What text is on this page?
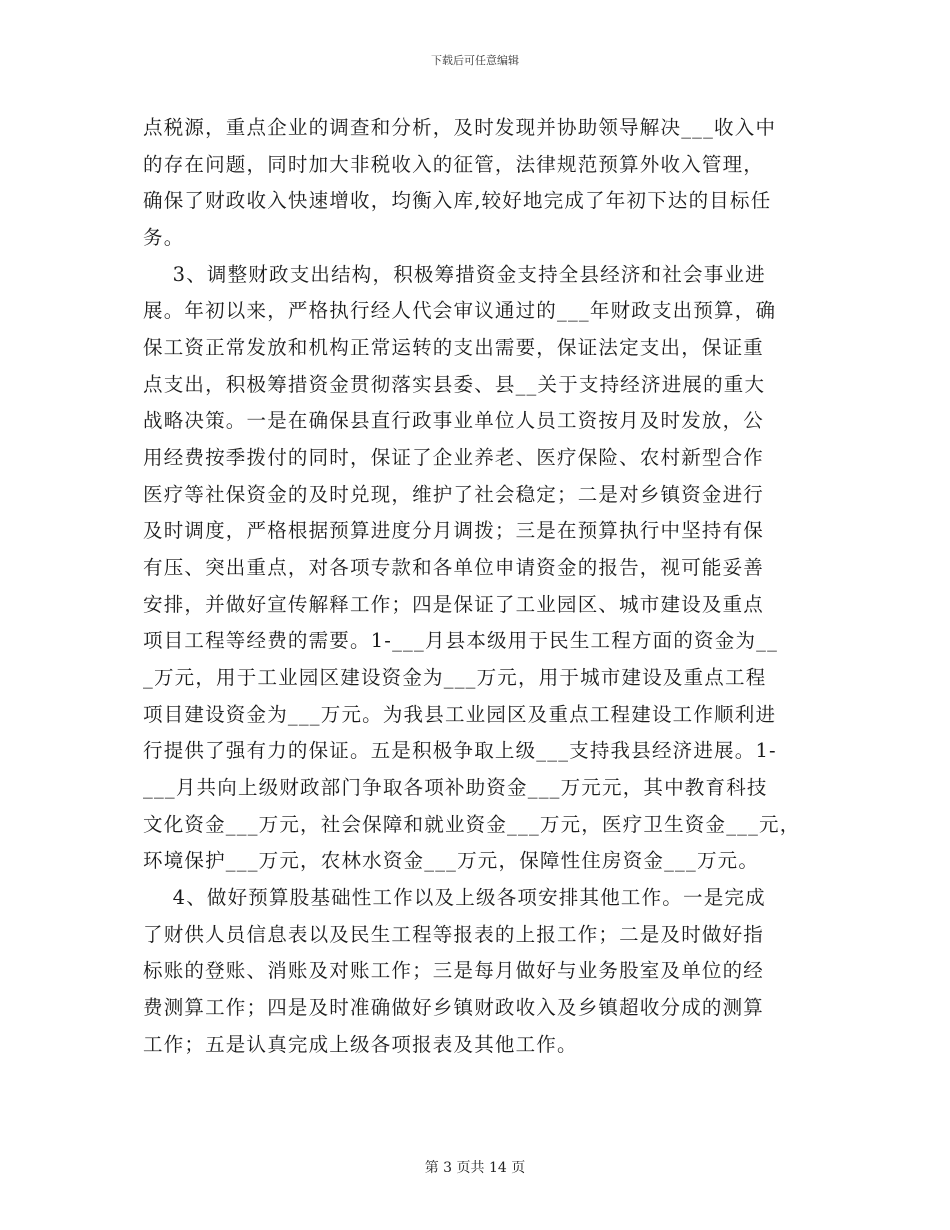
下载后可任意编辑
点税源，重点企业的调查和分析，及时发现并协助领导解决___收入中
的存在问题，同时加大非税收入的征管，法律规范预算外收入管理，
确保了财政收入快速增收，均衡入库,较好地完成了年初下达的目标任
务。
3、调整财政支出结构，积极筹措资金支持全县经济和社会事业进
展。年初以来，严格执行经人代会审议通过的___年财政支出预算，确
保工资正常发放和机构正常运转的支出需要，保证法定支出，保证重
点支出，积极筹措资金贯彻落实县委、县__关于支持经济进展的重大
战略决策。一是在确保县直行政事业单位人员工资按月及时发放，公
用经费按季拨付的同时，保证了企业养老、医疗保险、农村新型合作
医疗等社保资金的及时兑现，维护了社会稳定；二是对乡镇资金进行
及时调度，严格根据预算进度分月调拨；三是在预算执行中坚持有保
有压、突出重点，对各项专款和各单位申请资金的报告，视可能妥善
安排，并做好宣传解释工作；四是保证了工业园区、城市建设及重点
项目工程等经费的需要。1-___月县本级用于民生工程方面的资金为__
_万元，用于工业园区建设资金为___万元，用于城市建设及重点工程
项目建设资金为___万元。为我县工业园区及重点工程建设工作顺利进
行提供了强有力的保证。五是积极争取上级___支持我县经济进展。1-
___月共向上级财政部门争取各项补助资金___万元元，其中教育科技
文化资金___万元，社会保障和就业资金___万元，医疗卫生资金___元，
环境保护___万元，农林水资金___万元，保障性住房资金___万元。
4、做好预算股基础性工作以及上级各项安排其他工作。一是完成
了财供人员信息表以及民生工程等报表的上报工作；二是及时做好指
标账的登账、消账及对账工作；三是每月做好与业务股室及单位的经
费测算工作；四是及时准确做好乡镇财政收入及乡镇超收分成的测算
工作；五是认真完成上级各项报表及其他工作。
第 3 页共 14 页
